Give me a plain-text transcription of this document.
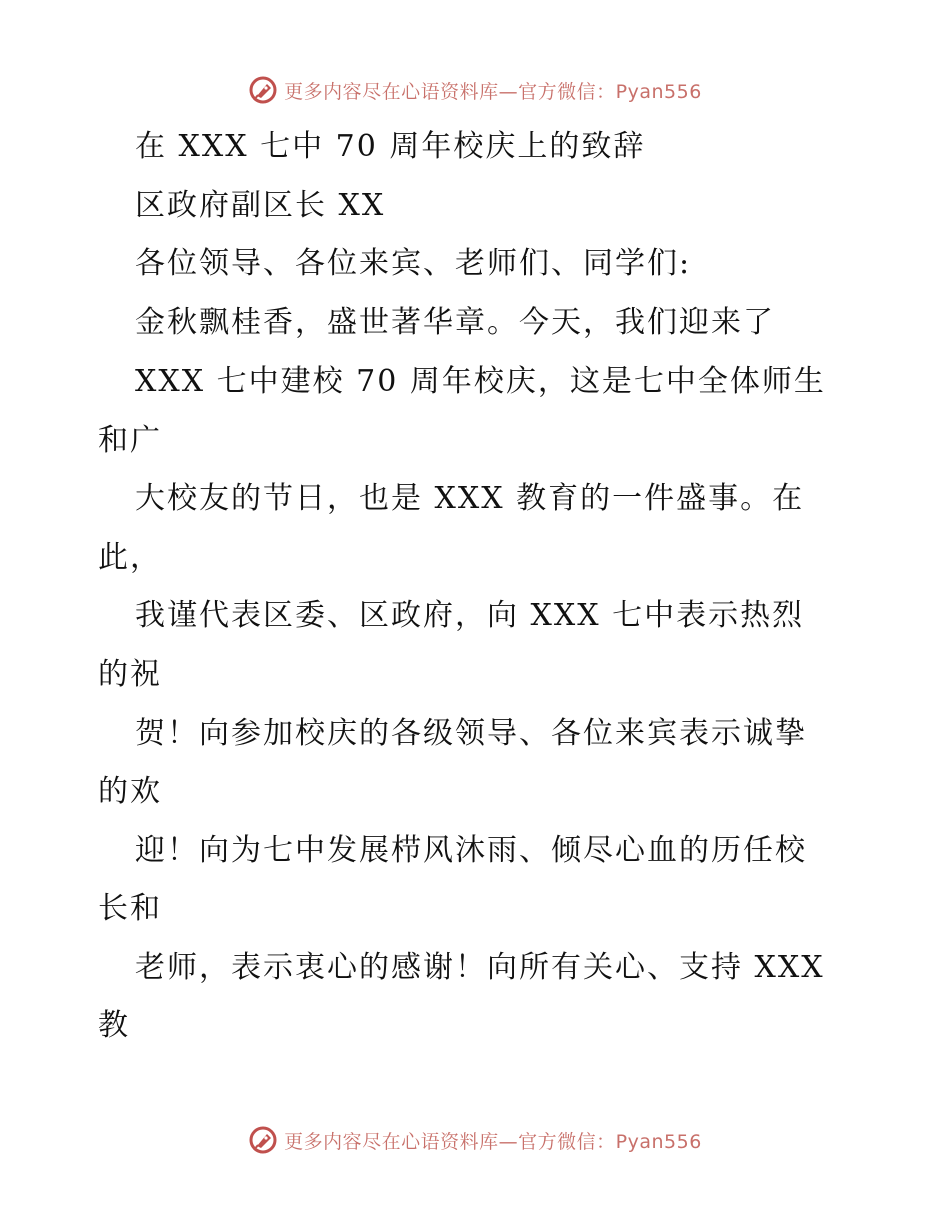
更多内容尽在心语资料库—官方微信：Pyan556
在 XXX 七中 70 周年校庆上的致辞
区政府副区长 XX
各位领导、各位来宾、老师们、同学们:
金秋飘桂香，盛世著华章。今天，我们迎来了
XXX 七中建校 70 周年校庆，这是七中全体师生
和广
大校友的节日，也是 XXX 教育的一件盛事。在
此，
我谨代表区委、区政府，向 XXX 七中表示热烈
的祝
贺！向参加校庆的各级领导、各位来宾表示诚挚
的欢
迎！向为七中发展栉风沐雨、倾尽心血的历任校
长和
老师，表示衷心的感谢！向所有关心、支持 XXX
教
更多内容尽在心语资料库—官方微信：Pyan556
